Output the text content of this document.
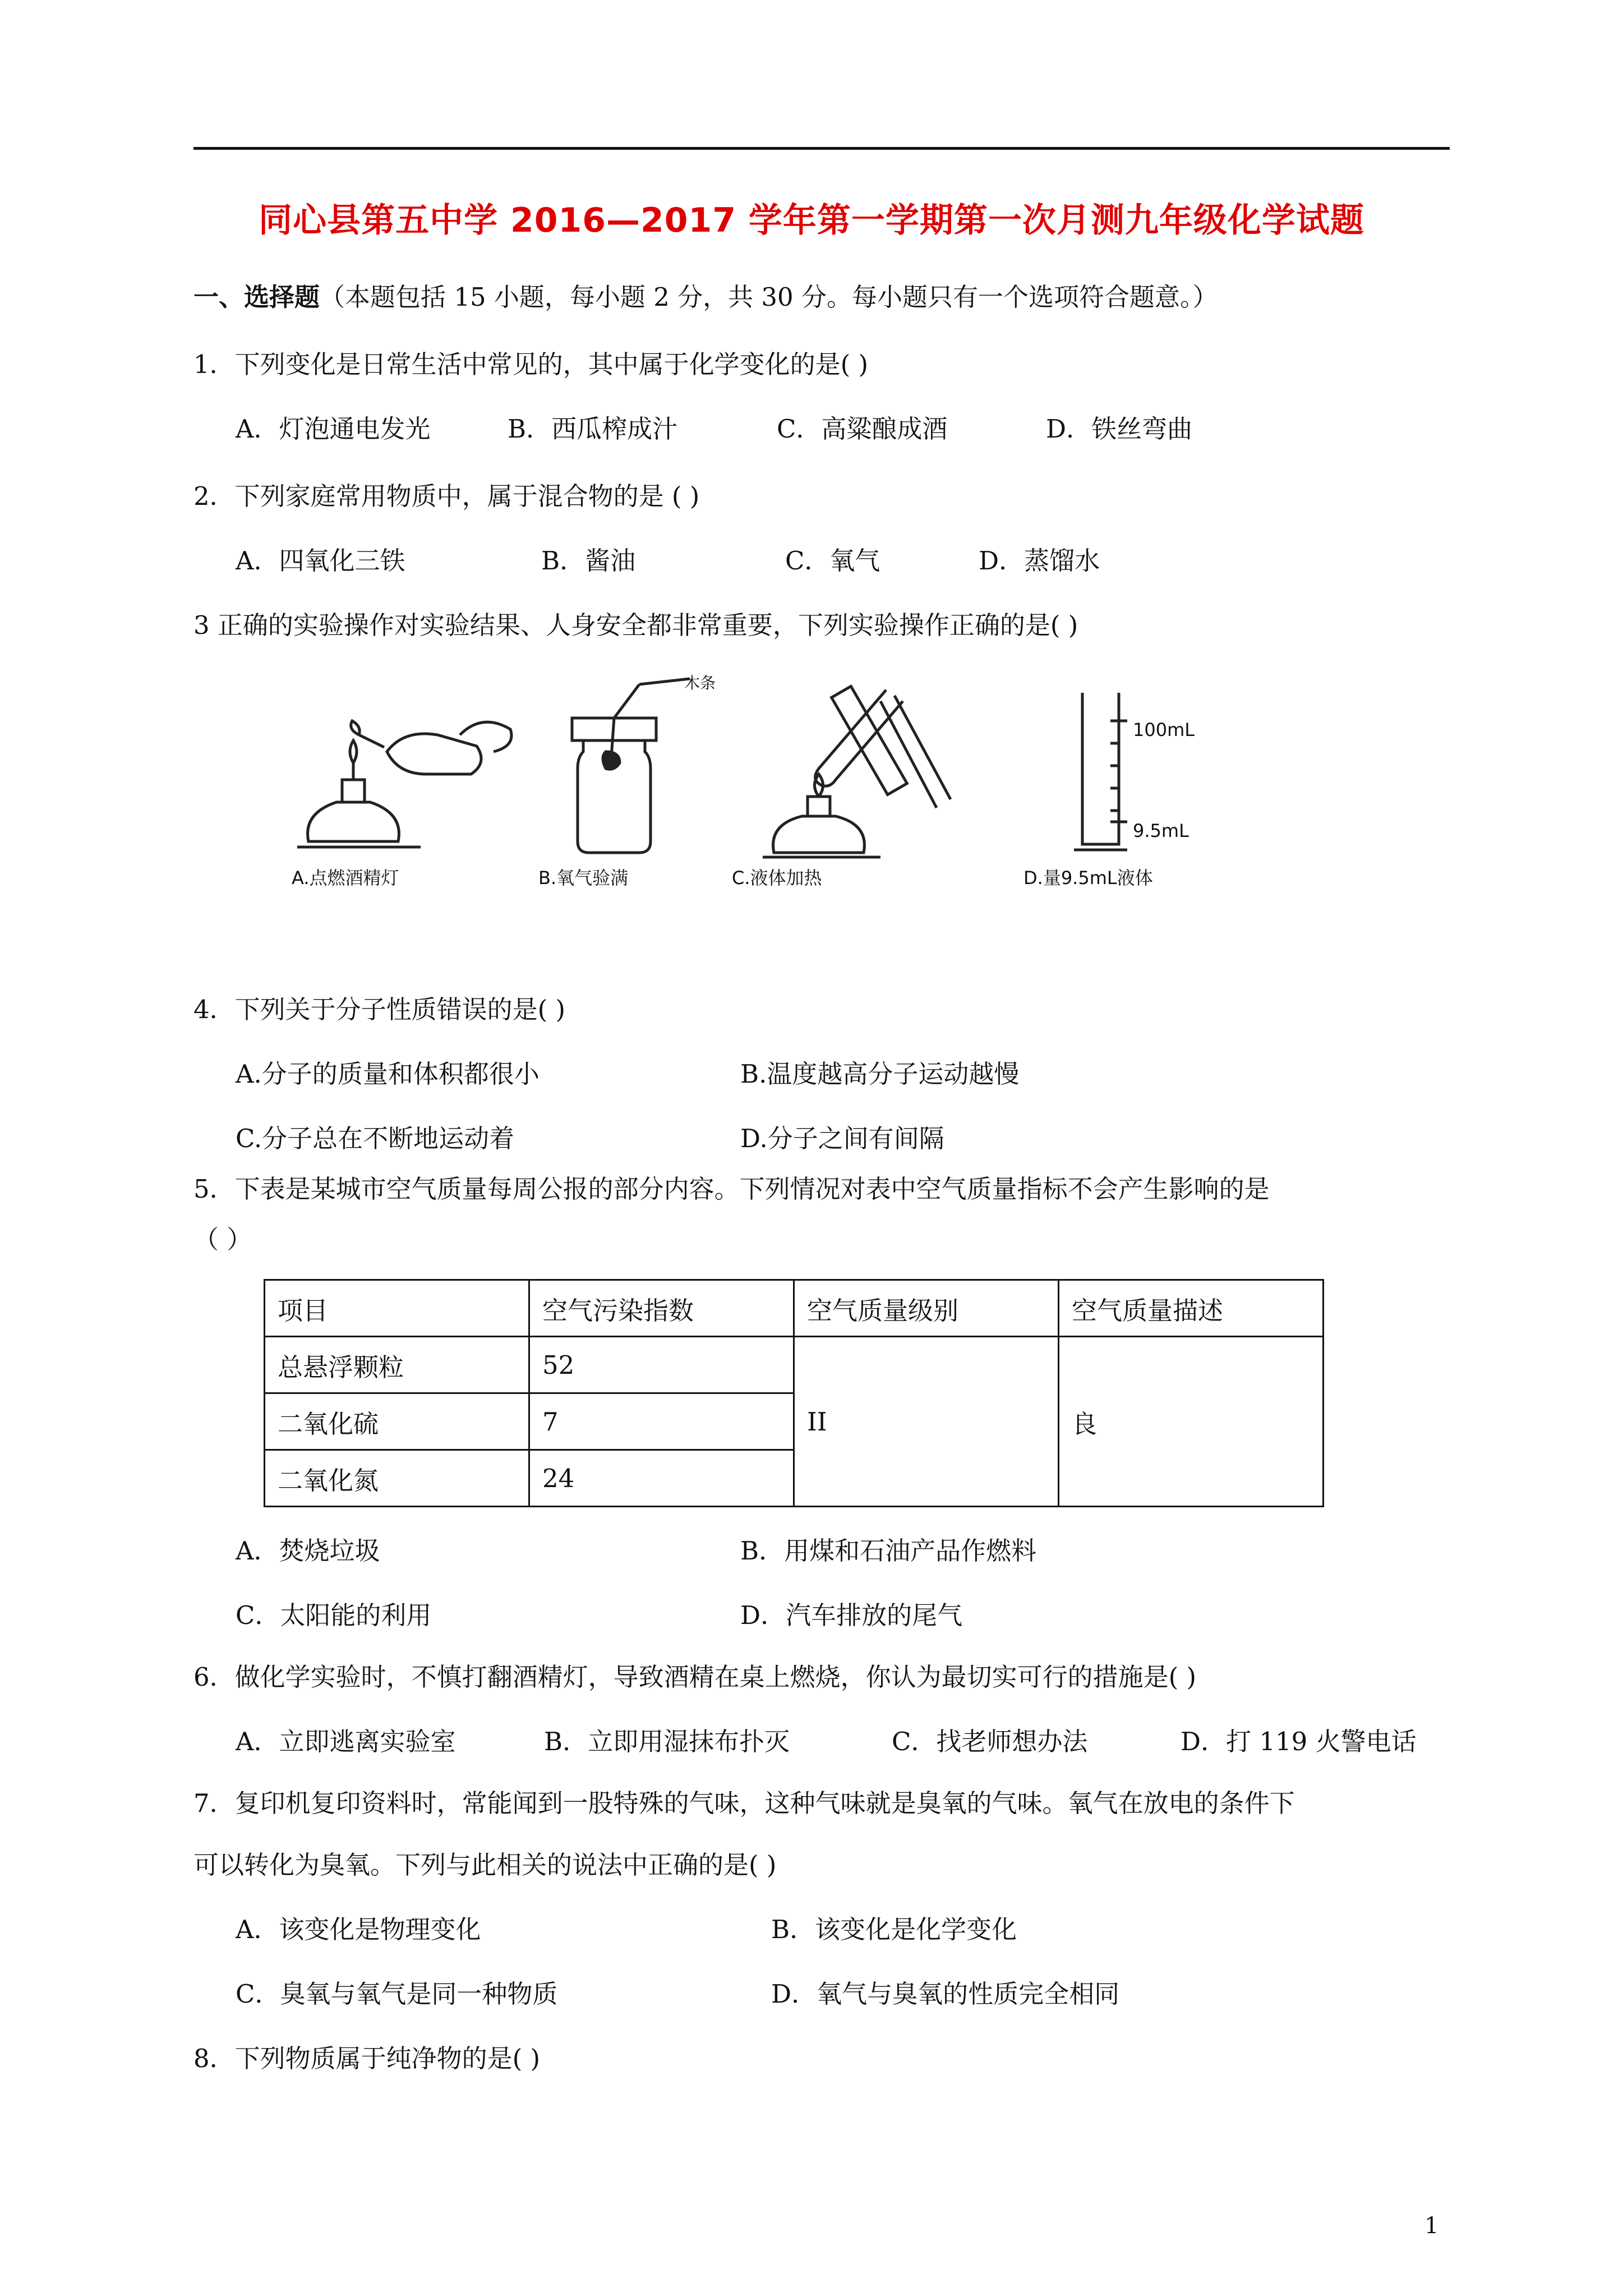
同心县第五中学 2016—2017 学年第一学期第一次月测九年级化学试题
一、选择题（本题包括 15 小题，每小题 2 分，共 30 分。每小题只有一个选项符合题意。）
1．下列变化是日常生活中常见的，其中属于化学变化的是( )
A．灯泡通电发光	B．西瓜榨成汁	C．高粱酿成酒	D．铁丝弯曲
2．下列家庭常用物质中，属于混合物的是 ( )
A．四氧化三铁	B．酱油	C．氧气	D．蒸馏水
3 正确的实验操作对实验结果、人身安全都非常重要，下列实验操作正确的是( )
A.点燃酒精灯
木条
B.氧气验满	C.液体加热
100mL
9.5mL
D.量9.5mL液体
4．下列关于分子性质错误的是( )
A.分子的质量和体积都很小	B.温度越高分子运动越慢
C.分子总在不断地运动着	D.分子之间有间隔
5．下表是某城市空气质量每周公报的部分内容。下列情况对表中空气质量指标不会产生影响的是
（ ）
项目	空气污染指数	空气质量级别	空气质量描述
总悬浮颗粒	52	II	良
二氧化硫	7		
二氧化氮	24		
A．焚烧垃圾	B．用煤和石油产品作燃料
C．太阳能的利用	D．汽车排放的尾气
6．做化学实验时，不慎打翻酒精灯，导致酒精在桌上燃烧，你认为最切实可行的措施是( )
A．立即逃离实验室	B．立即用湿抹布扑灭	C．找老师想办法	D．打 119 火警电话
7．复印机复印资料时，常能闻到一股特殊的气味，这种气味就是臭氧的气味。氧气在放电的条件下
可以转化为臭氧。下列与此相关的说法中正确的是( )
A．该变化是物理变化	B．该变化是化学变化
C．臭氧与氧气是同一种物质	D．氧气与臭氧的性质完全相同
8．下列物质属于纯净物的是( )
1
